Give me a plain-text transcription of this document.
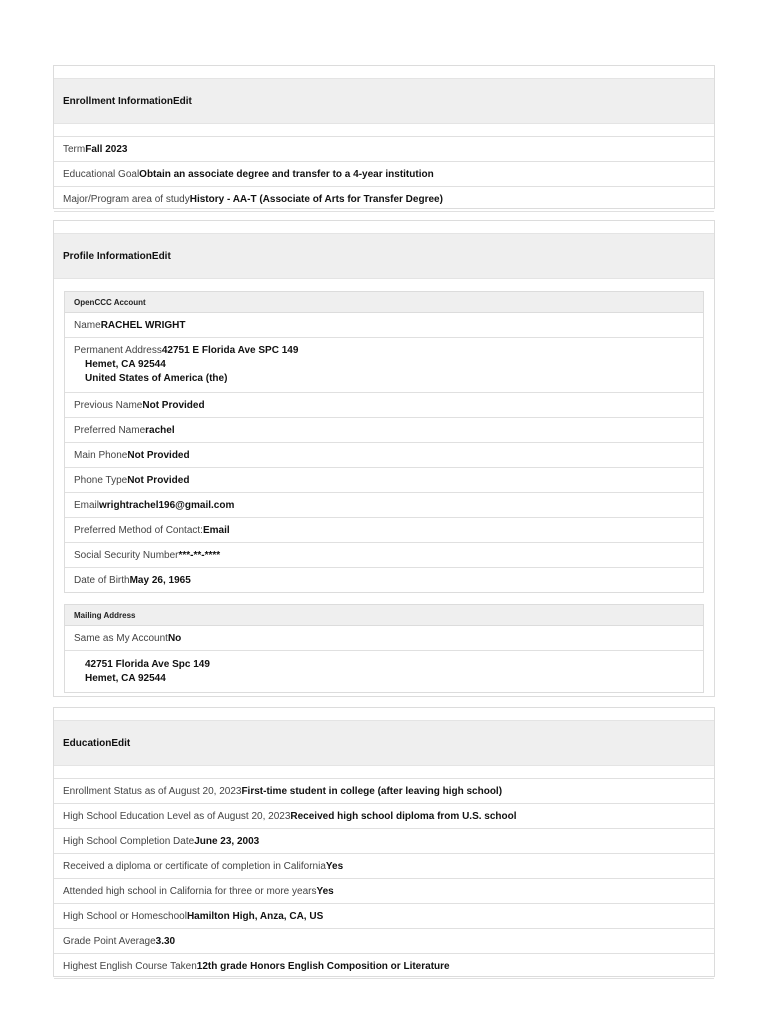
Enrollment Information Edit
Term Fall 2023
Educational Goal Obtain an associate degree and transfer to a 4-year institution
Major/Program area of study History - AA-T (Associate of Arts for Transfer Degree)
Profile Information Edit
OpenCCC Account
Name RACHEL WRIGHT
Permanent Address42751 E Florida Ave SPC 149
Hemet, CA 92544
United States of America (the)
Previous Name Not Provided
Preferred Name rachel
Main Phone Not Provided
Phone Type Not Provided
Email wrightrachel196@gmail.com
Preferred Method of Contact: Email
Social Security Number ***-**-****
Date of Birth May 26, 1965
Mailing Address
Same as My Account No
42751 Florida Ave Spc 149
Hemet, CA 92544
Education Edit
Enrollment Status as of August 20, 2023 First-time student in college (after leaving high school)
High School Education Level as of August 20, 2023 Received high school diploma from U.S. school
High School Completion Date June 23, 2003
Received a diploma or certificate of completion in California Yes
Attended high school in California for three or more years Yes
High School or Homeschool Hamilton High, Anza, CA, US
Grade Point Average 3.30
Highest English Course Taken 12th grade Honors English Composition or Literature
